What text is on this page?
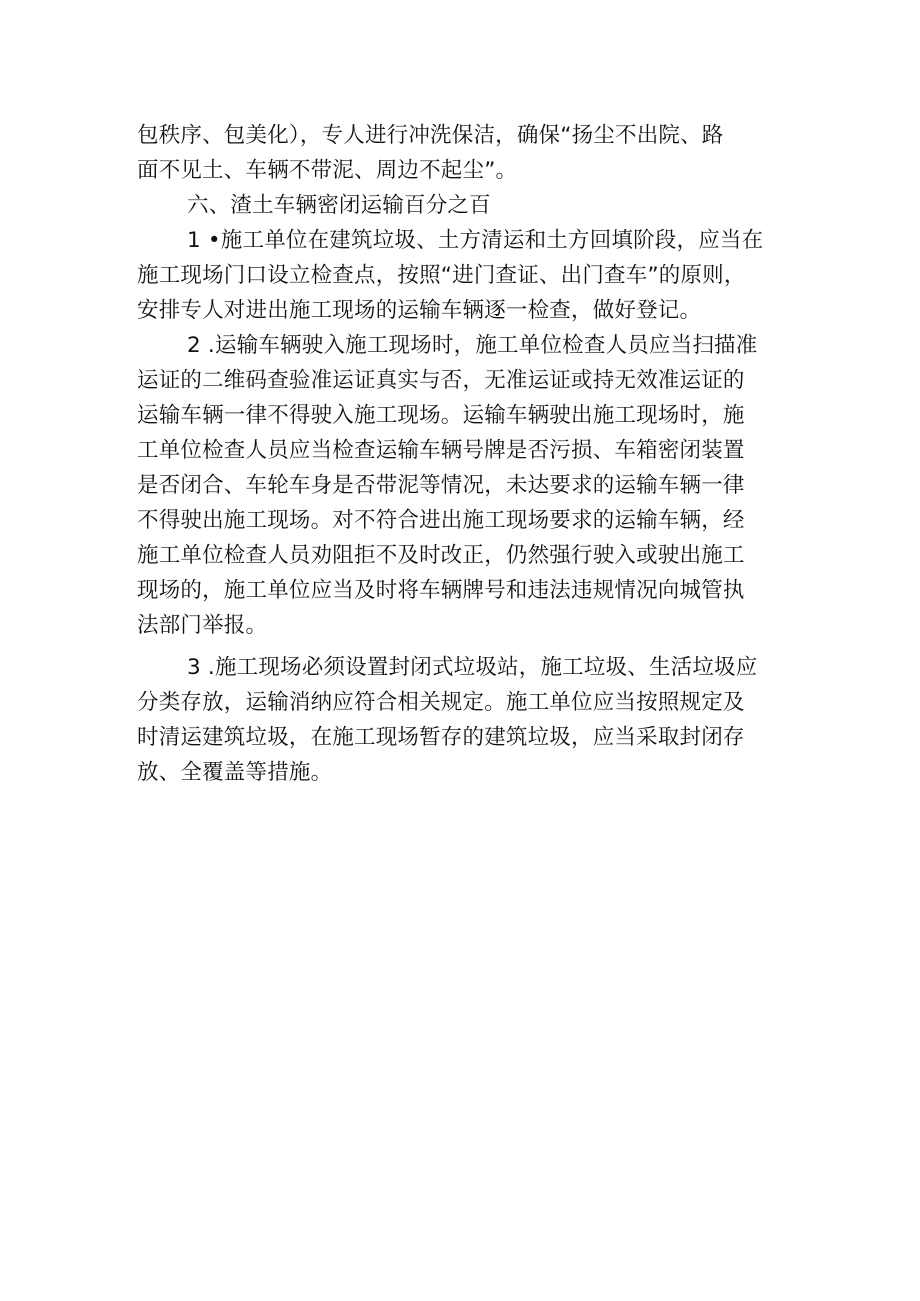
包秩序、包美化），专人进行冲洗保洁，确保“扬尘不出院、路
面不见土、车辆不带泥、周边不起尘”。
六、渣土车辆密闭运输百分之百
1 •施工单位在建筑垃圾、土方清运和土方回填阶段，应当在
施工现场门口设立检查点，按照“进门查证、出门查车”的原则，
安排专人对进出施工现场的运输车辆逐一检查，做好登记。
2 .运输车辆驶入施工现场时，施工单位检查人员应当扫描准
运证的二维码查验准运证真实与否，无准运证或持无效准运证的
运输车辆一律不得驶入施工现场。运输车辆驶出施工现场时，施
工单位检查人员应当检查运输车辆号牌是否污损、车箱密闭装置
是否闭合、车轮车身是否带泥等情况，未达要求的运输车辆一律
不得驶出施工现场。对不符合进出施工现场要求的运输车辆，经
施工单位检查人员劝阻拒不及时改正，仍然强行驶入或驶出施工
现场的，施工单位应当及时将车辆牌号和违法违规情况向城管执
法部门举报。
3 .施工现场必须设置封闭式垃圾站，施工垃圾、生活垃圾应
分类存放，运输消纳应符合相关规定。施工单位应当按照规定及
时清运建筑垃圾，在施工现场暂存的建筑垃圾，应当采取封闭存
放、全覆盖等措施。
